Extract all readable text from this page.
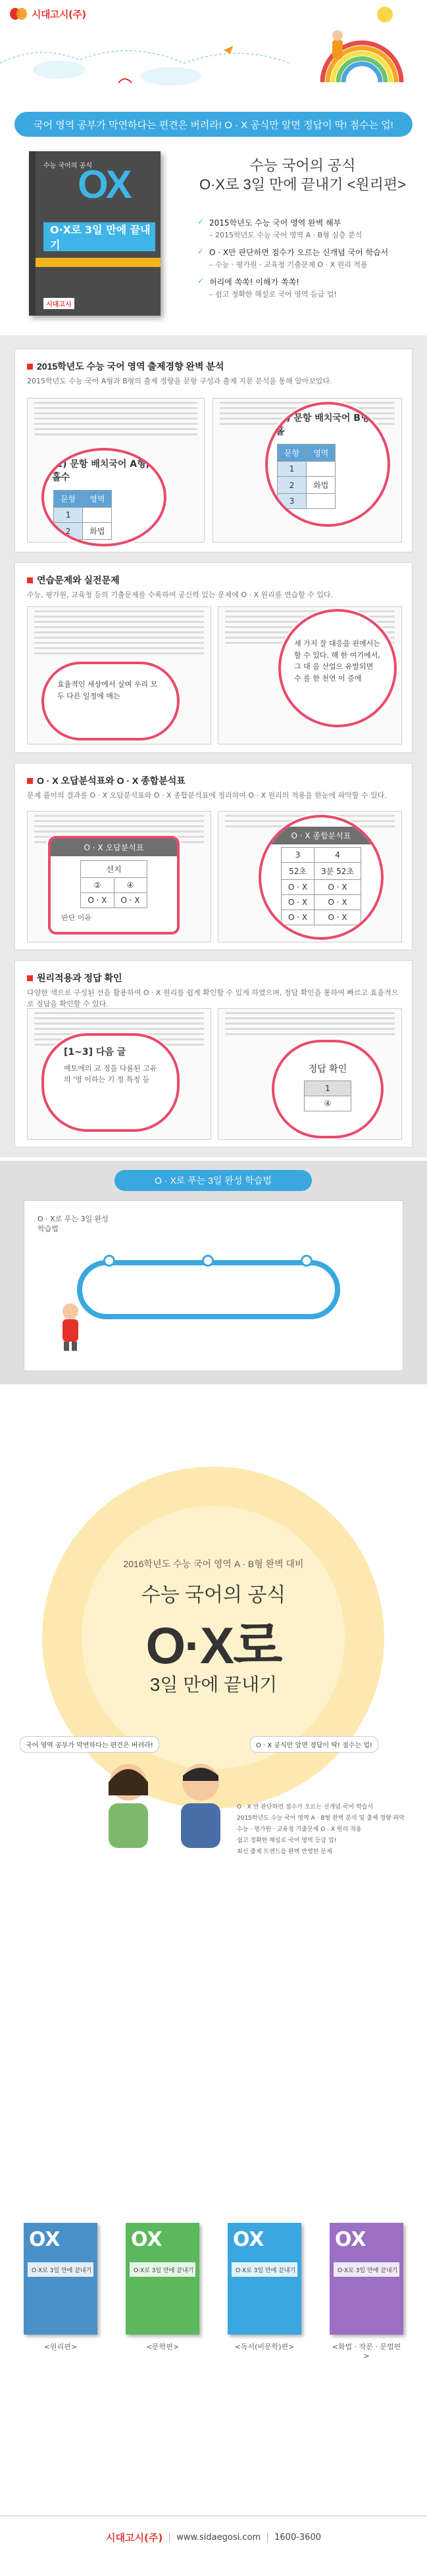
시대고시(주)
국어 영역 공부가 막연하다는 편견은 버려라! O · X 공식만 알면 정답이 딱! 점수는 업!
수능 국어의 공식
OX
O·X로 3일 만에 끝내기
시대고시
수능 국어의 공식
O·X로 3일 만에 끝내기 <원리편>
✓ 2015학년도 수능 국어 영역 완벽 해부
– 2015학년도 수능 국어 영역 A · B형 심층 분석
✓ O · X만 판단하면 점수가 오르는 신개념 국어 학습서
– 수능 · 평가원 · 교육청 기출문제 O · X 원리 적용
✓ 허리에 쏙쏙! 이해가 쏙쏙!
– 쉽고 정확한 해설로 국어 영역 등급 업!
2015학년도 수능 국어 영역 출제경향 완벽 분석
2015학년도 수능 국어 A형과 B형의 출제 경향을 문항 구성과 출제 지문 분석을 통해 알아보았다.
(1) 문항 배치국어 A형, 홀수
문항	영역
1	
2	화법
(3) 문항 배치국어 B형, 홀
문항	영역
1	
2	화법
3	
연습문제와 실전문제
수능, 평가원, 교육청 등의 기출문제를 수록하여 공신력 있는 문제에 O · X 원리를 연습할 수 있다.
효율적인 세상에서 살며 우리 모두 다른 일정에 매는
세 가지 잘 대응을 핀에서는 할 수 있다. 해 한 여기에서, 그 대 을 산업으 유발되면 수 를 한 천연 이 증에
O · X 오답분석표와 O · X 종합분석표
문제 풀이의 결과를 O · X 오답분석표와 O · X 종합분석표에 정리하여 O · X 원리의 적용을 한눈에 파악할 수 있다.
O · X 오답분석표
선지	
②	④
O · X	O · X
판단 이유
O · X 종합분석표
3	4
52초	3분 52초
O · X	O · X
O · X	O · X
O · X	O · X
원리적용과 정답 확인
다양한 색으로 구성된 선을 활용하여 O · X 원리를 쉽게 확인할 수 있게 하였으며, 정답 확인을 통하여 빠르고 효율적으로 정답을 확인할 수 있다.
[1~3] 다음 글
예토에의 교 정을 다룸된 고유의 '영 이하는 기 정 특정 등
정답 확인
1
④
O · X로 푸는 3일 완성 학습법
O · X로 푸는 3일 완성
학습법
2016학년도 수능 국어 영역 A · B형 완벽 대비
수능 국어의 공식
O·X로
3일 만에 끝내기
국어 영역 공부가 막연하다는 편견은 버려라!	O · X 공식만 알면 정답이 딱! 점수는 업!
O · X 만 판단하면 점수가 오르는 신개념 국어 학습서
2015학년도 수능 국어 영역 A · B형 완벽 분석 및 출제 경향 파악
수능 · 평가원 · 교육청 기출문제 O · X 원리 적용
쉽고 정확한 해설로 국어 영역 등급 업!
최신 출제 트렌드를 완벽 반영한 문제
OX
O·X로 3일 만에 끝내기
<원리편>
OX
O·X로 3일 만에 끝내기
<문학편>
OX
O·X로 3일 만에 끝내기
<독서(비문학)편>
OX
O·X로 3일 만에 끝내기
<화법 · 작문 · 문법편>
시대고시(주) www.sidaegosi.com 1600-3600
